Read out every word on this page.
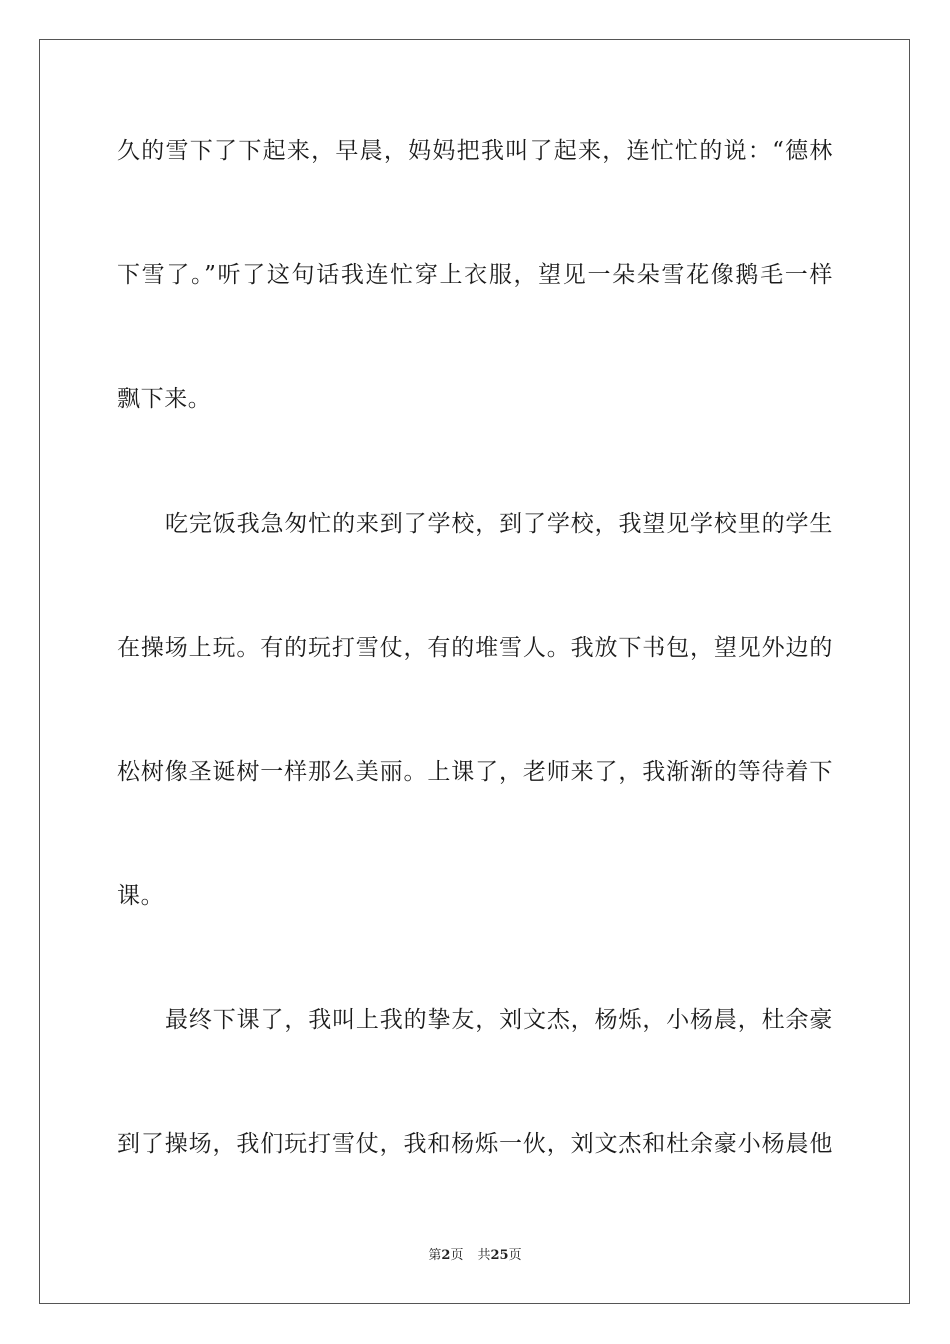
久的雪下了下起来，早晨，妈妈把我叫了起来，连忙忙的说：“德林
下雪了。”听了这句话我连忙穿上衣服，望见一朵朵雪花像鹅毛一样
飘下来。
吃完饭我急匆忙的来到了学校，到了学校，我望见学校里的学生
在操场上玩。有的玩打雪仗，有的堆雪人。我放下书包，望见外边的
松树像圣诞树一样那么美丽。上课了，老师来了，我渐渐的等待着下
课。
最终下课了，我叫上我的挚友，刘文杰，杨烁，小杨晨，杜余豪
到了操场，我们玩打雪仗，我和杨烁一伙，刘文杰和杜余豪小杨晨他
第2页 共25页
